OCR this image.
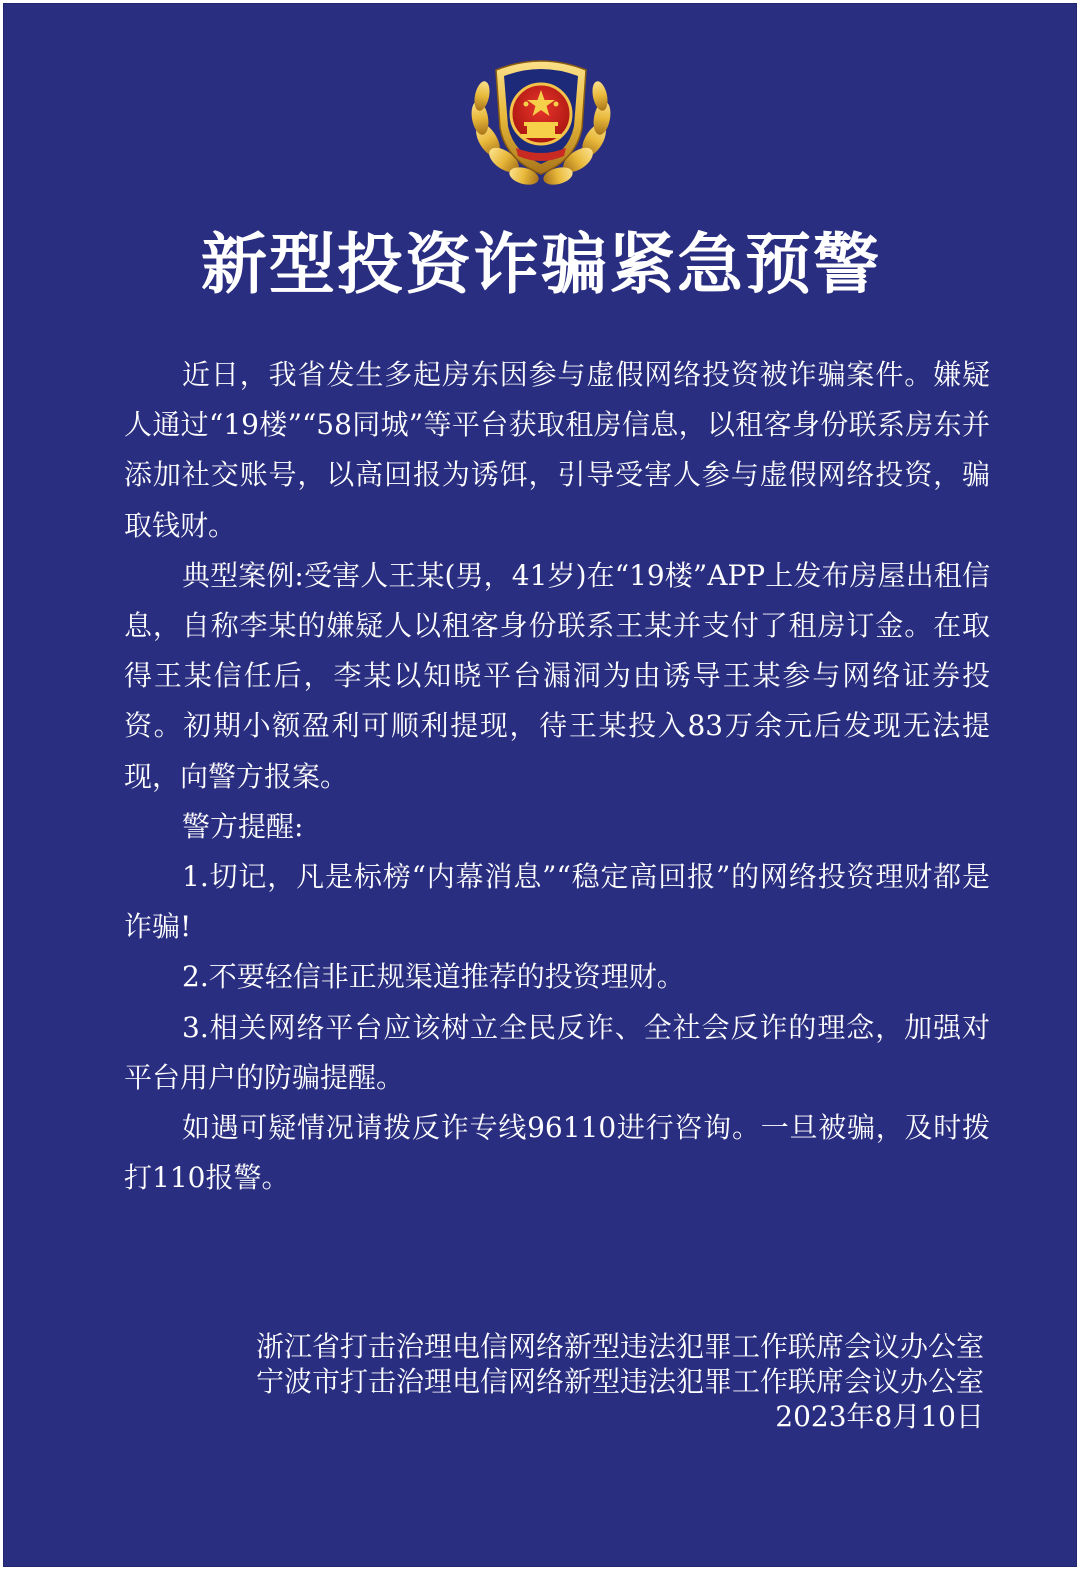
新型投资诈骗紧急预警

近日，我省发生多起房东因参与虚假网络投资被诈骗案件。嫌疑人通过“19楼”“58同城”等平台获取租房信息，以租客身份联系房东并添加社交账号，以高回报为诱饵，引导受害人参与虚假网络投资，骗取钱财。

典型案例:受害人王某(男，41岁)在“19楼”APP上发布房屋出租信息，自称李某的嫌疑人以租客身份联系王某并支付了租房订金。在取得王某信任后，李某以知晓平台漏洞为由诱导王某参与网络证券投资。初期小额盈利可顺利提现，待王某投入83万余元后发现无法提现，向警方报案。

警方提醒:

1.切记，凡是标榜“内幕消息”“稳定高回报”的网络投资理财都是诈骗!

2.不要轻信非正规渠道推荐的投资理财。

3.相关网络平台应该树立全民反诈、全社会反诈的理念，加强对平台用户的防骗提醒。

如遇可疑情况请拨反诈专线96110进行咨询。一旦被骗，及时拨打110报警。

浙江省打击治理电信网络新型违法犯罪工作联席会议办公室
宁波市打击治理电信网络新型违法犯罪工作联席会议办公室
2023年8月10日
